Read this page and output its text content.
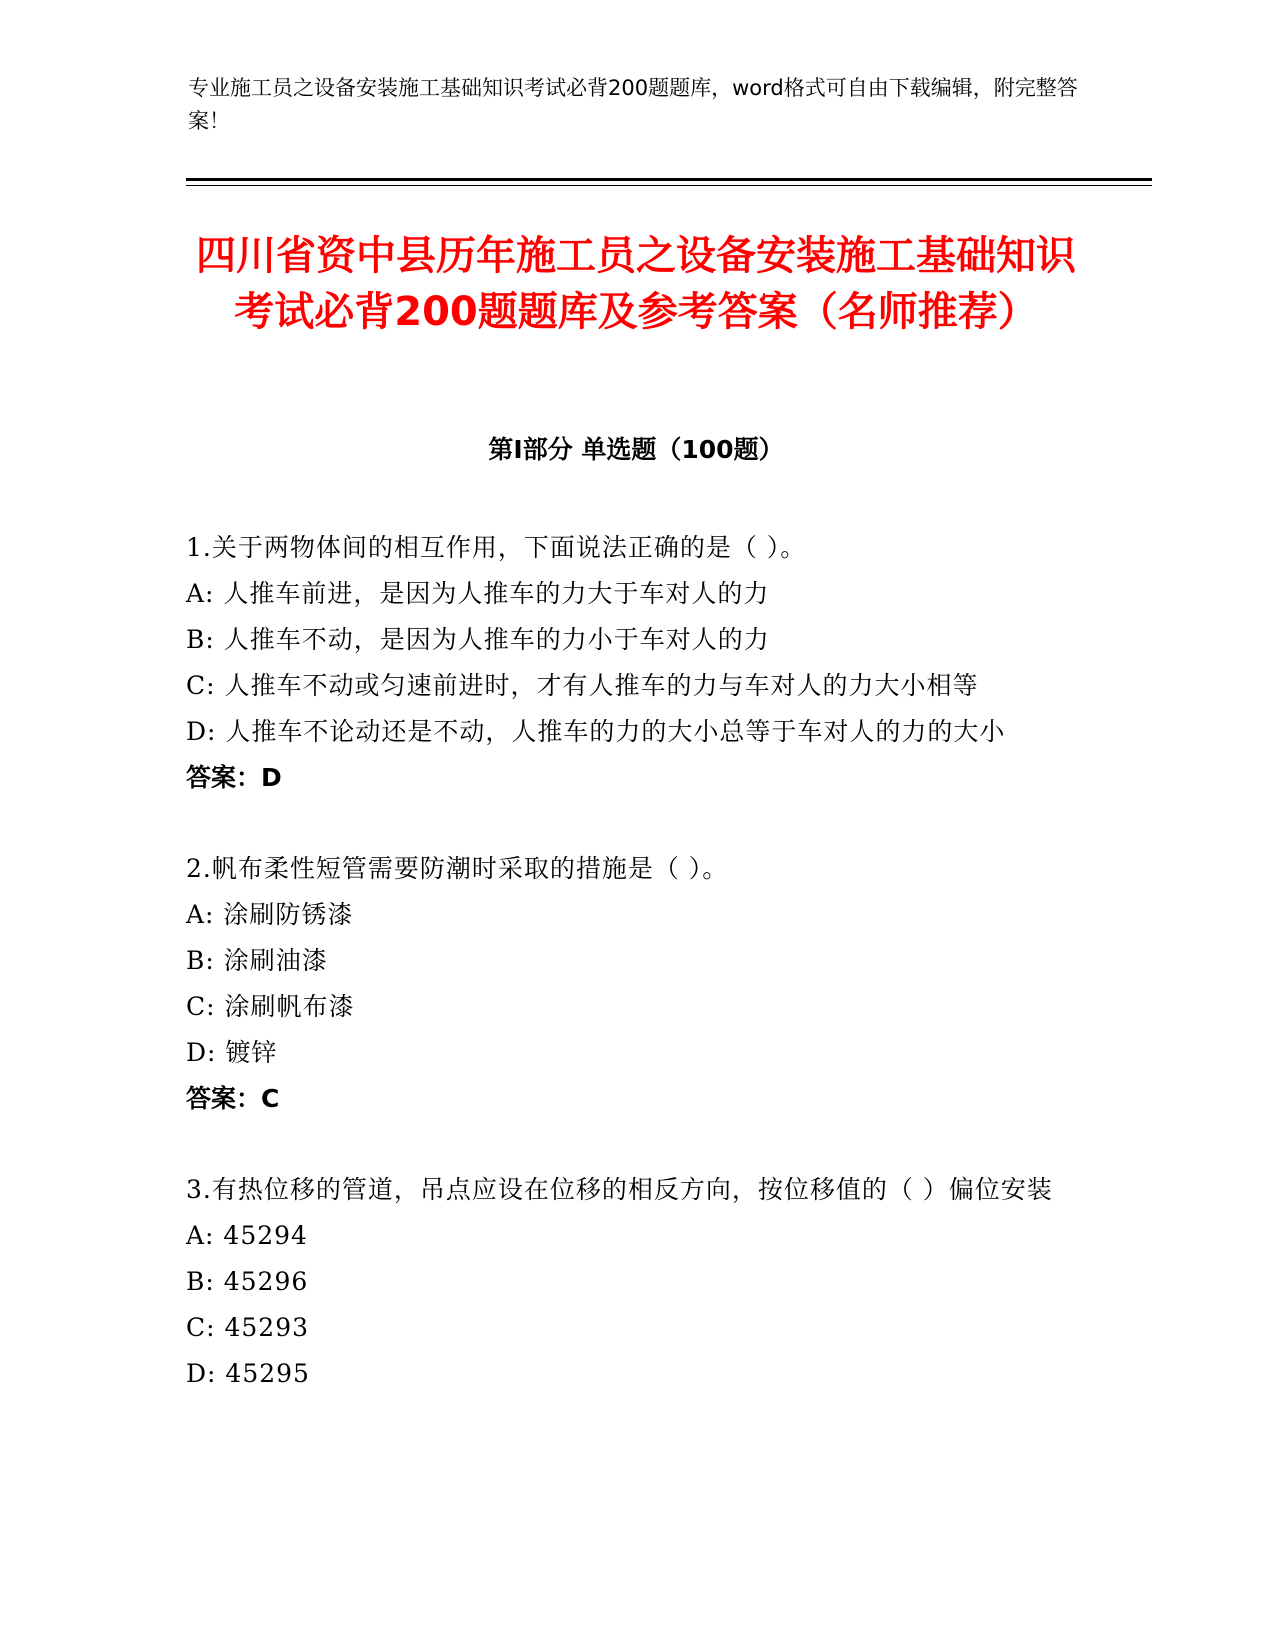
专业施工员之设备安装施工基础知识考试必背200题题库，word格式可自由下载编辑，附完整答案！
四川省资中县历年施工员之设备安装施工基础知识考试必背200题题库及参考答案（名师推荐）
第I部分 单选题（100题）
1.关于两物体间的相互作用，下面说法正确的是（ ）。
A: 人推车前进，是因为人推车的力大于车对人的力
B: 人推车不动，是因为人推车的力小于车对人的力
C: 人推车不动或匀速前进时，才有人推车的力与车对人的力大小相等
D: 人推车不论动还是不动，人推车的力的大小总等于车对人的力的大小
答案：D
2.帆布柔性短管需要防潮时采取的措施是（ ）。
A: 涂刷防锈漆
B: 涂刷油漆
C: 涂刷帆布漆
D: 镀锌
答案：C
3.有热位移的管道，吊点应设在位移的相反方向，按位移值的（ ）偏位安装
A: 45294
B: 45296
C: 45293
D: 45295
